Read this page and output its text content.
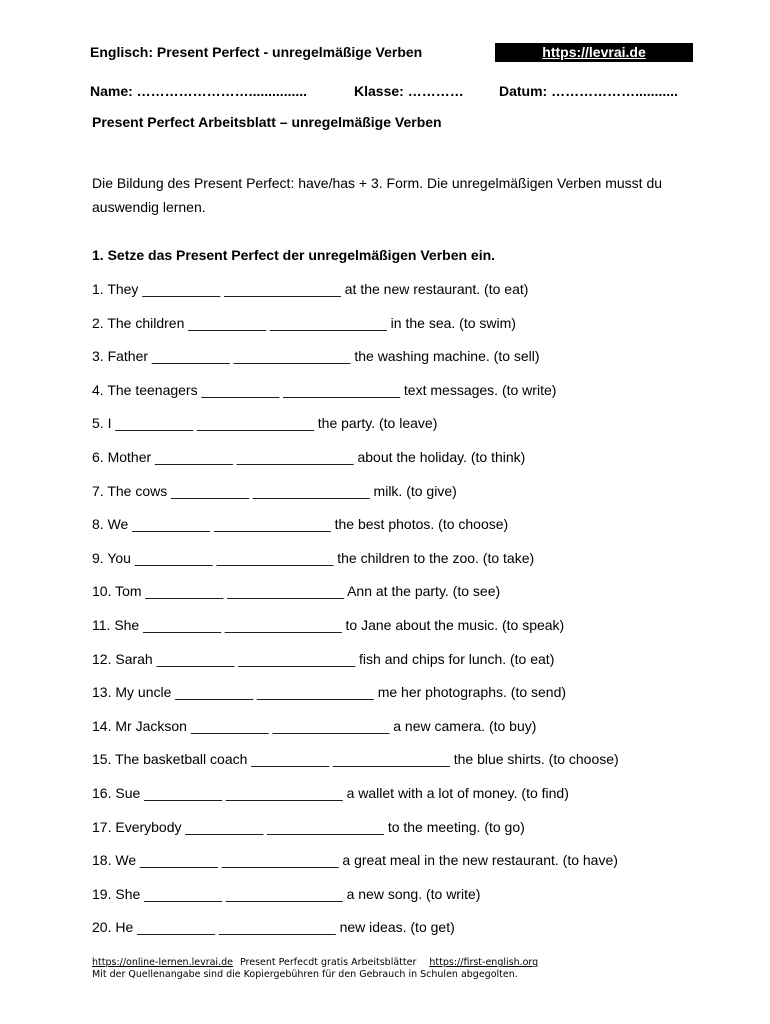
Englisch: Present Perfect - unregelmäßige Verben	https://levrai.de
Name: ……………………...............	Klasse: …………	Datum: ………………...........
Present Perfect Arbeitsblatt – unregelmäßige Verben
Die Bildung des Present Perfect: have/has + 3. Form. Die unregelmäßigen Verben musst du auswendig lernen.
1. Setze das Present Perfect der unregelmäßigen Verben ein.
1. They __________ _______________ at the new restaurant. (to eat)
2. The children __________ _______________ in the sea. (to swim)
3. Father __________ _______________ the washing machine. (to sell)
4. The teenagers __________ _______________ text messages. (to write)
5. I __________ _______________ the party. (to leave)
6. Mother __________ _______________ about the holiday. (to think)
7. The cows __________ _______________ milk. (to give)
8. We __________ _______________ the best photos. (to choose)
9. You __________ _______________ the children to the zoo. (to take)
10. Tom __________ _______________ Ann at the party. (to see)
11. She __________ _______________ to Jane about the music. (to speak)
12. Sarah __________ _______________ fish and chips for lunch. (to eat)
13. My uncle __________ _______________ me her photographs. (to send)
14. Mr Jackson __________ _______________ a new camera. (to buy)
15. The basketball coach __________ _______________ the blue shirts. (to choose)
16. Sue __________ _______________ a wallet with a lot of money. (to find)
17. Everybody __________ _______________ to the meeting. (to go)
18. We __________ _______________ a great meal in the new restaurant. (to have)
19. She __________ _______________ a new song. (to write)
20. He __________ _______________ new ideas. (to get)
https://online-lernen.levrai.de Present Perfecdt gratis Arbeitsblätter https://first-english.org
Mit der Quellenangabe sind die Kopiergebühren für den Gebrauch in Schulen abgegolten.
